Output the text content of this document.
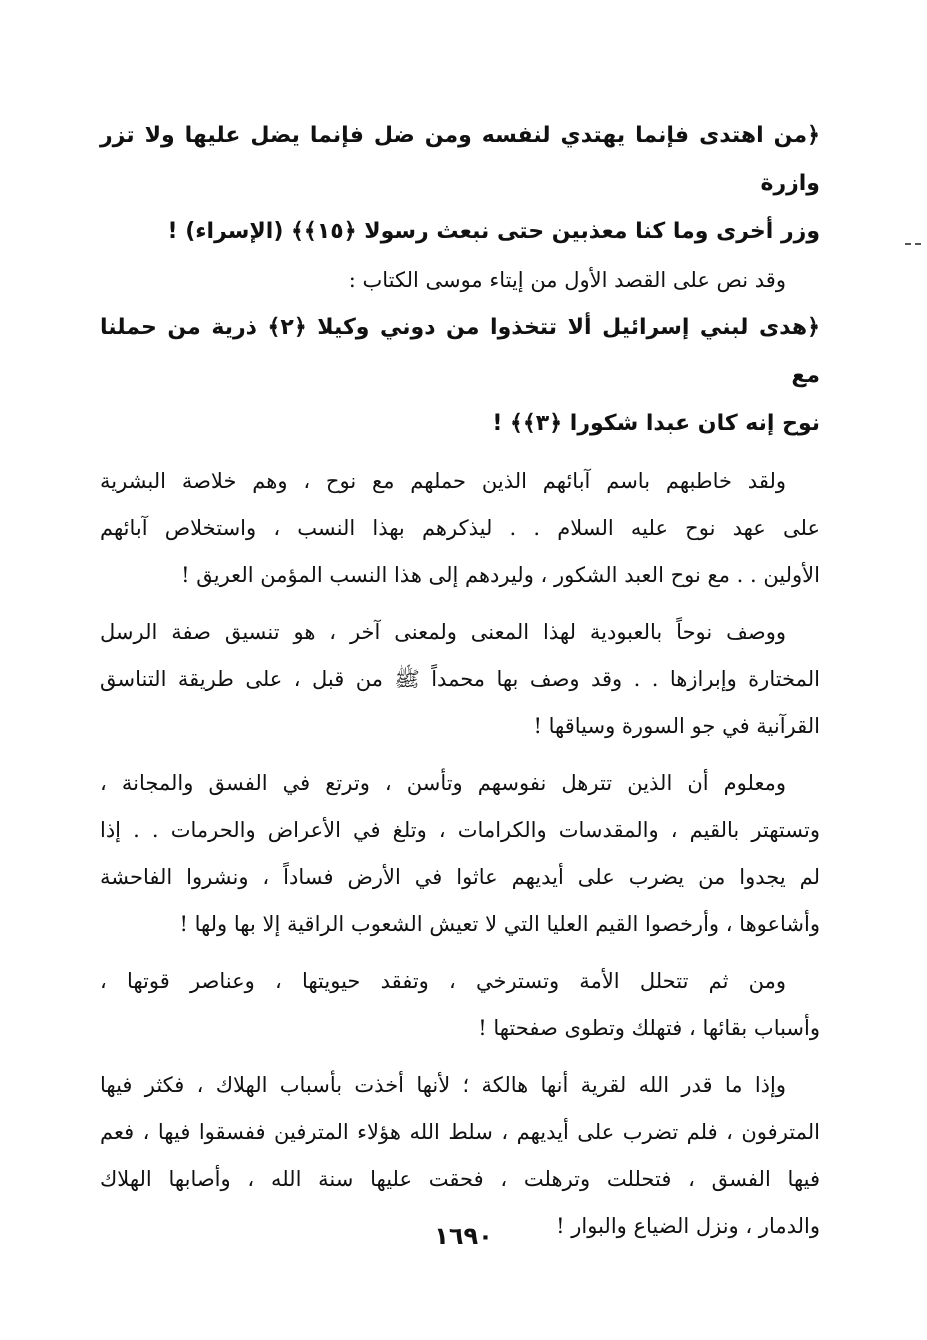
﴿من اهتدى فإنما يهتدي لنفسه ومن ضل فإنما يضل عليها ولا تزر وازرة
وزر أخرى وما كنا معذبين حتى نبعث رسولا ﴿١٥﴾﴾ (الإسراء) !

وقد نص على القصد الأول من إيتاء موسى الكتاب :

﴿هدى لبني إسرائيل ألا تتخذوا من دوني وكيلا ﴿٢﴾ ذرية من حملنا مع
نوح إنه كان عبدا شكورا ﴿٣﴾﴾ !

ولقد خاطبهم باسم آبائهم الذين حملهم مع نوح ، وهم خلاصة البشرية
على عهد نوح عليه السلام . . ليذكرهم بهذا النسب ، واستخلاص آبائهم
الأولين . . مع نوح العبد الشكور ، وليردهم إلى هذا النسب المؤمن العريق !
ووصف نوحاً بالعبودية لهذا المعنى ولمعنى آخر ، هو تنسيق صفة الرسل
المختارة وإبرازها . . وقد وصف بها محمداً ﷺ من قبل ، على طريقة التناسق
القرآنية في جو السورة وسياقها !
ومعلوم أن الذين تترهل نفوسهم وتأسن ، وترتع في الفسق والمجانة ،
وتستهتر بالقيم ، والمقدسات والكرامات ، وتلغ في الأعراض والحرمات . . إذا
لم يجدوا من يضرب على أيديهم عاثوا في الأرض فساداً ، ونشروا الفاحشة
وأشاعوها ، وأرخصوا القيم العليا التي لا تعيش الشعوب الراقية إلا بها ولها !
ومن ثم تتحلل الأمة وتسترخي ، وتفقد حيويتها ، وعناصر قوتها ،
وأسباب بقائها ، فتهلك وتطوى صفحتها !
وإذا ما قدر الله لقرية أنها هالكة ؛ لأنها أخذت بأسباب الهلاك ، فكثر فيها
المترفون ، فلم تضرب على أيديهم ، سلط الله هؤلاء المترفين ففسقوا فيها ، فعم
فيها الفسق ، فتحللت وترهلت ، فحقت عليها سنة الله ، وأصابها الهلاك
والدمار ، ونزل الضياع والبوار !
١٦٩٠
